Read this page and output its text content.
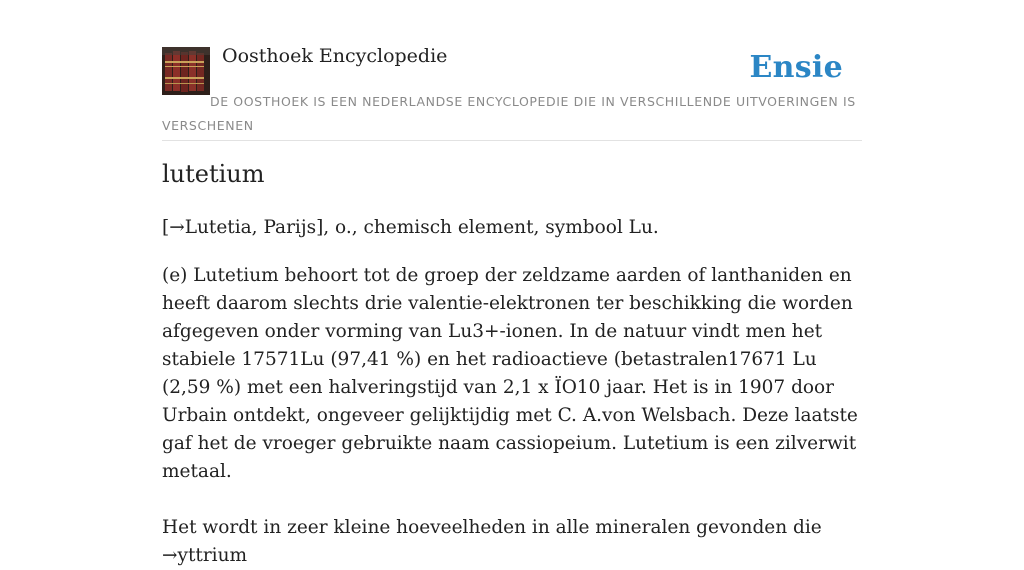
Oosthoek Encyclopedie	Ensie

DE OOSTHOEK IS EEN NEDERLANDSE ENCYCLOPEDIE DIE IN VERSCHILLENDE UITVOERINGEN IS VERSCHENEN

lutetium

[→Lutetia, Parijs], o., chemisch element, symbool Lu.

(e) Lutetium behoort tot de groep der zeldzame aarden of lanthaniden en heeft daarom slechts drie valentie-elektronen ter beschikking die worden afgegeven onder vorming van Lu3+-ionen. In de natuur vindt men het stabiele 17571Lu (97,41 %) en het radioactieve (betastralen17671 Lu (2,59 %) met een halveringstijd van 2,1 x ÏO10 jaar. Het is in 1907 door Urbain ontdekt, ongeveer gelijktijdig met C. A.von Welsbach. Deze laatste gaf het de vroeger gebruikte naam cassiopeium. Lutetium is een zilverwit metaal.

Het wordt in zeer kleine hoeveelheden in alle mineralen gevonden die →yttrium
